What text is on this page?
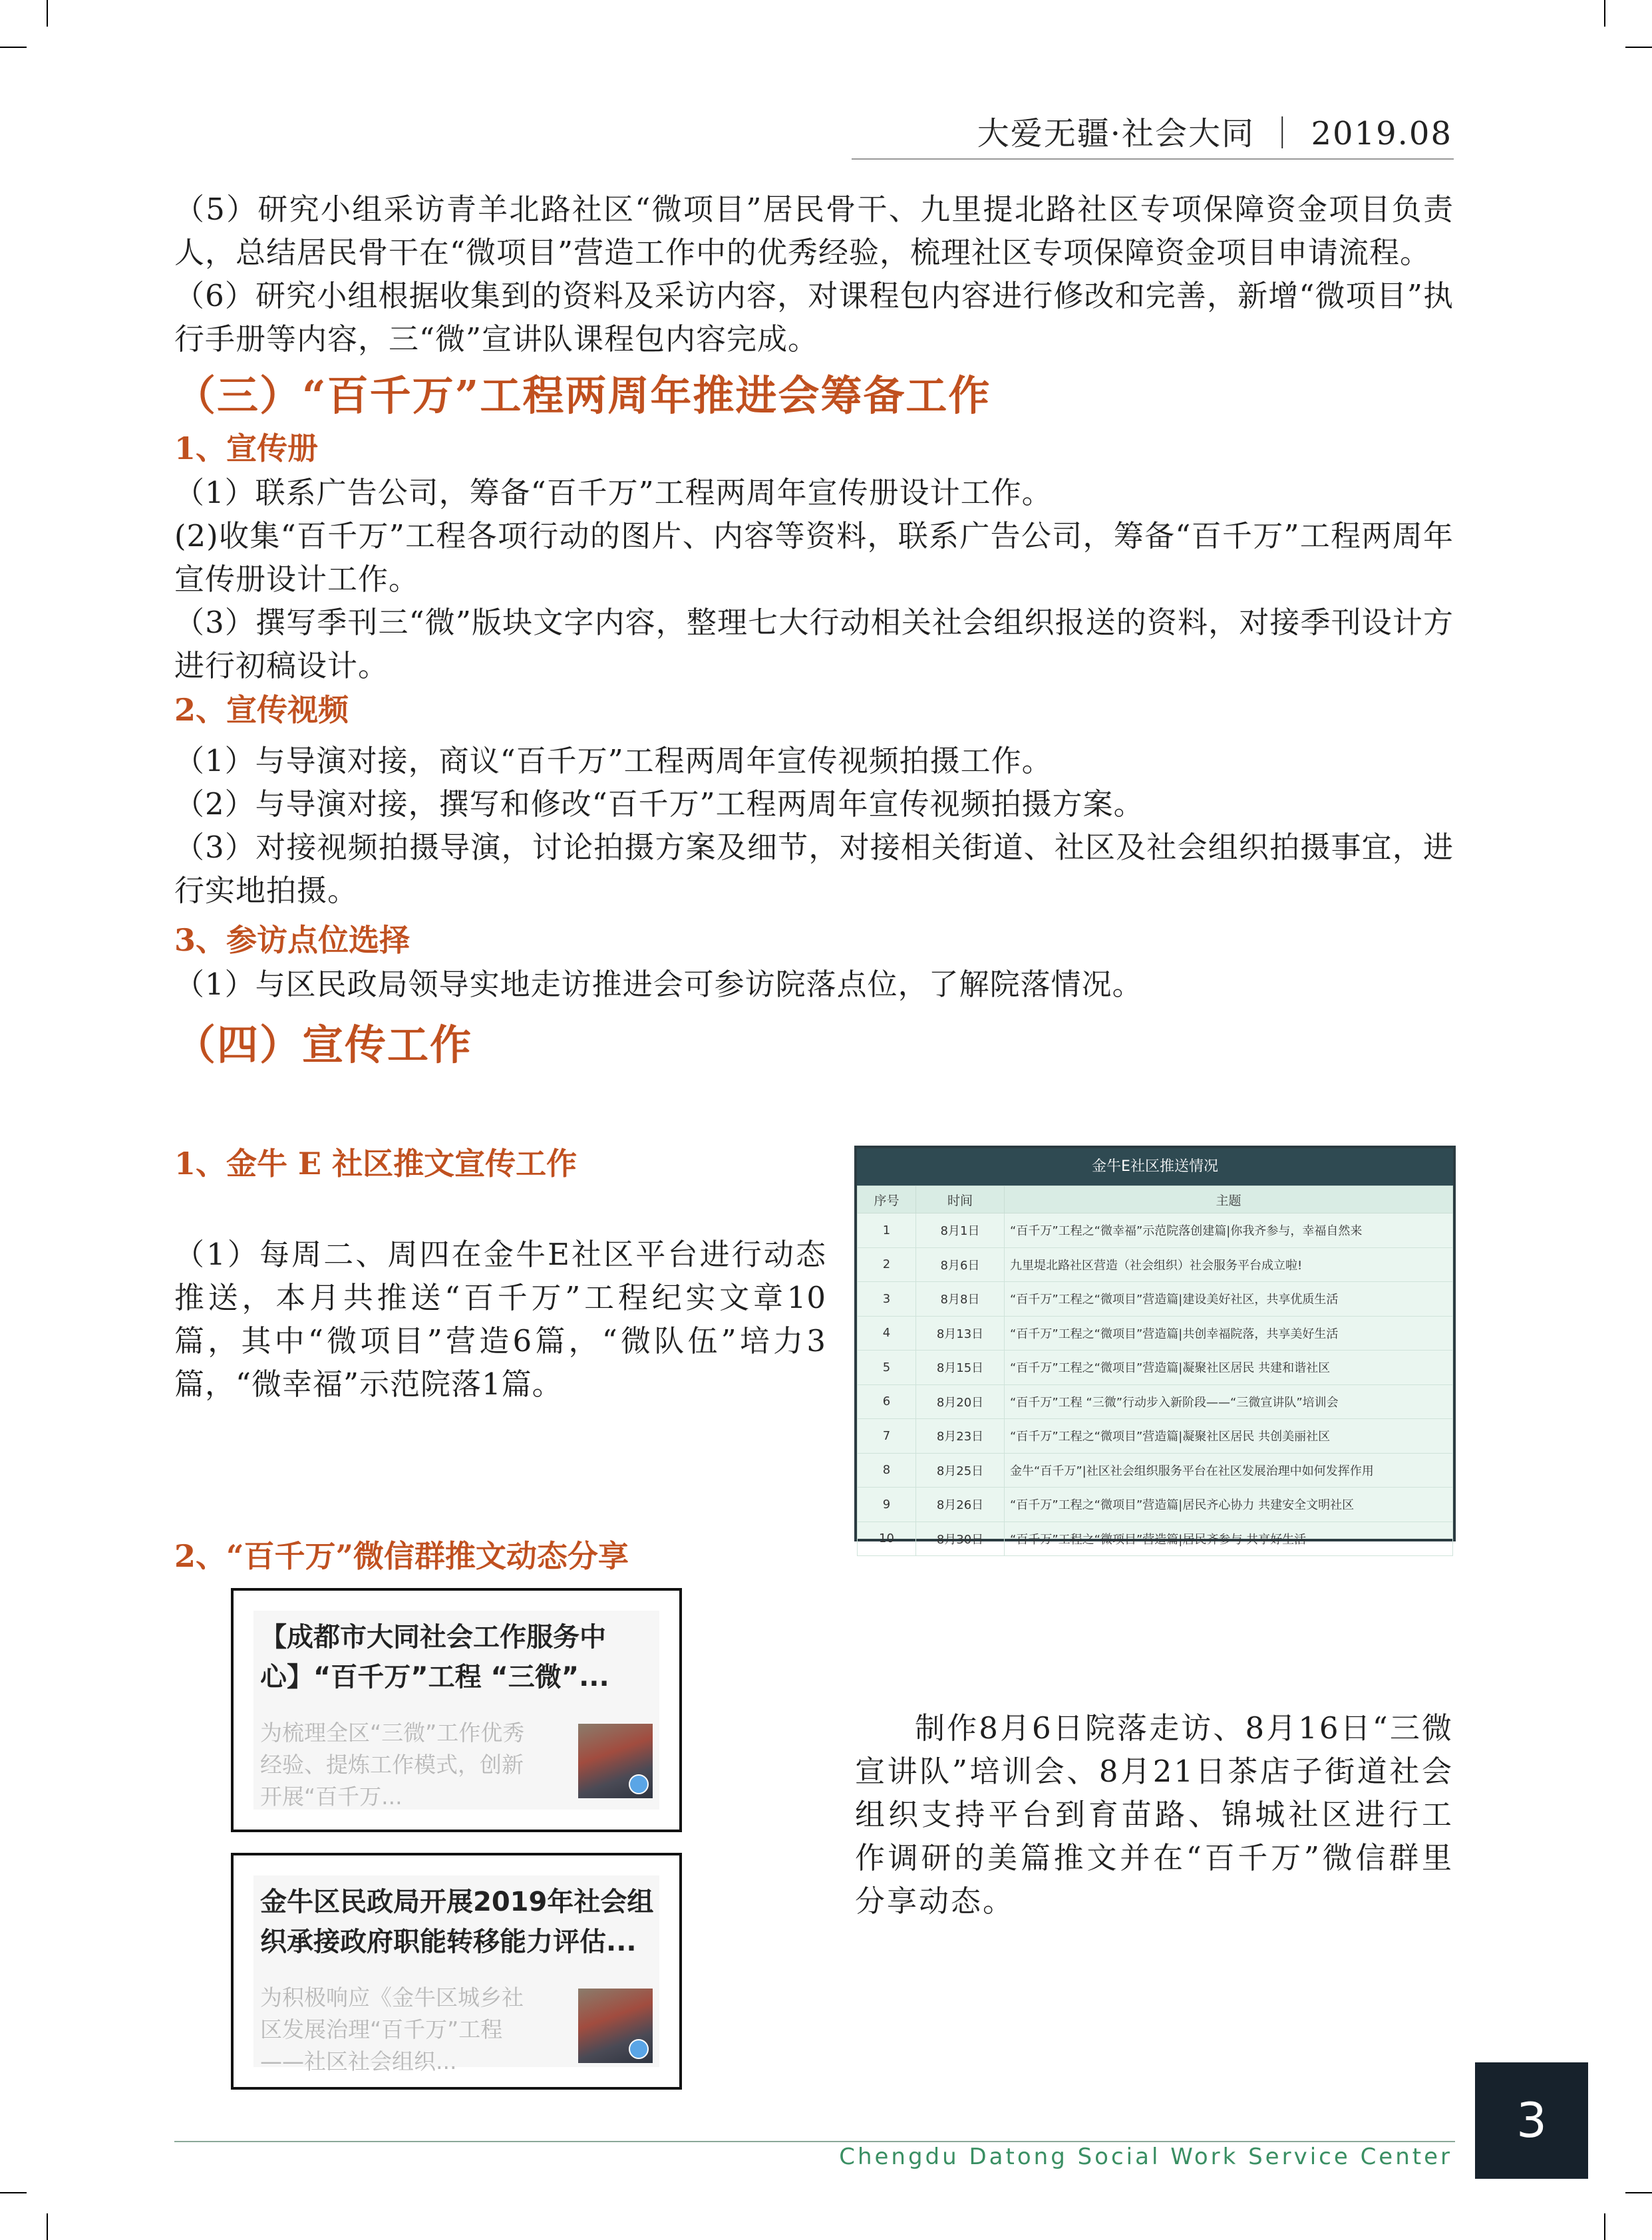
大爱无疆·社会大同 ｜ 2019.08

（5）研究小组采访青羊北路社区“微项目”居民骨干、九里提北路社区专项保障资金项目负责人，总结居民骨干在“微项目”营造工作中的优秀经验，梳理社区专项保障资金项目申请流程。

（6）研究小组根据收集到的资料及采访内容，对课程包内容进行修改和完善，新增“微项目”执行手册等内容，三“微”宣讲队课程包内容完成。

（三）“百千万”工程两周年推进会筹备工作

1、宣传册

（1）联系广告公司，筹备“百千万”工程两周年宣传册设计工作。

(2)收集“百千万”工程各项行动的图片、内容等资料，联系广告公司，筹备“百千万”工程两周年宣传册设计工作。

（3）撰写季刊三“微”版块文字内容，整理七大行动相关社会组织报送的资料，对接季刊设计方进行初稿设计。

2、宣传视频

（1）与导演对接，商议“百千万”工程两周年宣传视频拍摄工作。

（2）与导演对接，撰写和修改“百千万”工程两周年宣传视频拍摄方案。

（3）对接视频拍摄导演，讨论拍摄方案及细节，对接相关街道、社区及社会组织拍摄事宜，进行实地拍摄。

3、参访点位选择

（1）与区民政局领导实地走访推进会可参访院落点位，了解院落情况。

（四）宣传工作

1、金牛 E 社区推文宣传工作

（1）每周二、周四在金牛E社区平台进行动态推送，本月共推送“百千万”工程纪实文章10篇，其中“微项目”营造6篇，“微队伍”培力3篇，“微幸福”示范院落1篇。

金牛E社区推送情况
序号	时间	主题
1	8月1日	“百千万”工程之“微幸福”示范院落创建篇|你我齐参与，幸福自然来
2	8月6日	九里堤北路社区营造（社会组织）社会服务平台成立啦!
3	8月8日	“百千万”工程之“微项目”营造篇|建设美好社区，共享优质生活
4	8月13日	“百千万”工程之“微项目”营造篇|共创幸福院落，共享美好生活
5	8月15日	“百千万”工程之“微项目”营造篇|凝聚社区居民 共建和谐社区
6	8月20日	“百千万”工程 “三微”行动步入新阶段——“三微宣讲队”培训会
7	8月23日	“百千万”工程之“微项目”营造篇|凝聚社区居民 共创美丽社区
8	8月25日	金牛“百千万”|社区社会组织服务平台在社区发展治理中如何发挥作用
9	8月26日	“百千万”工程之“微项目”营造篇|居民齐心协力 共建安全文明社区
10	8月30日	“百千万”工程之“微项目”营造篇|居民齐参与 共享好生活

2、“百千万”微信群推文动态分享

【成都市大同社会工作服务中心】“百千万”工程 “三微”...
为梳理全区“三微”工作优秀经验、提炼工作模式，创新开展“百千万...
金牛区民政局开展2019年社会组织承接政府职能转移能力评估...
为积极响应《金牛区城乡社区发展治理“百千万”工程——社区社会组织...

制作8月6日院落走访、8月16日“三微宣讲队”培训会、8月21日茶店子街道社会组织支持平台到育苗路、锦城社区进行工作调研的美篇推文并在“百千万”微信群里分享动态。

Chengdu Datong Social Work Service Center
3
